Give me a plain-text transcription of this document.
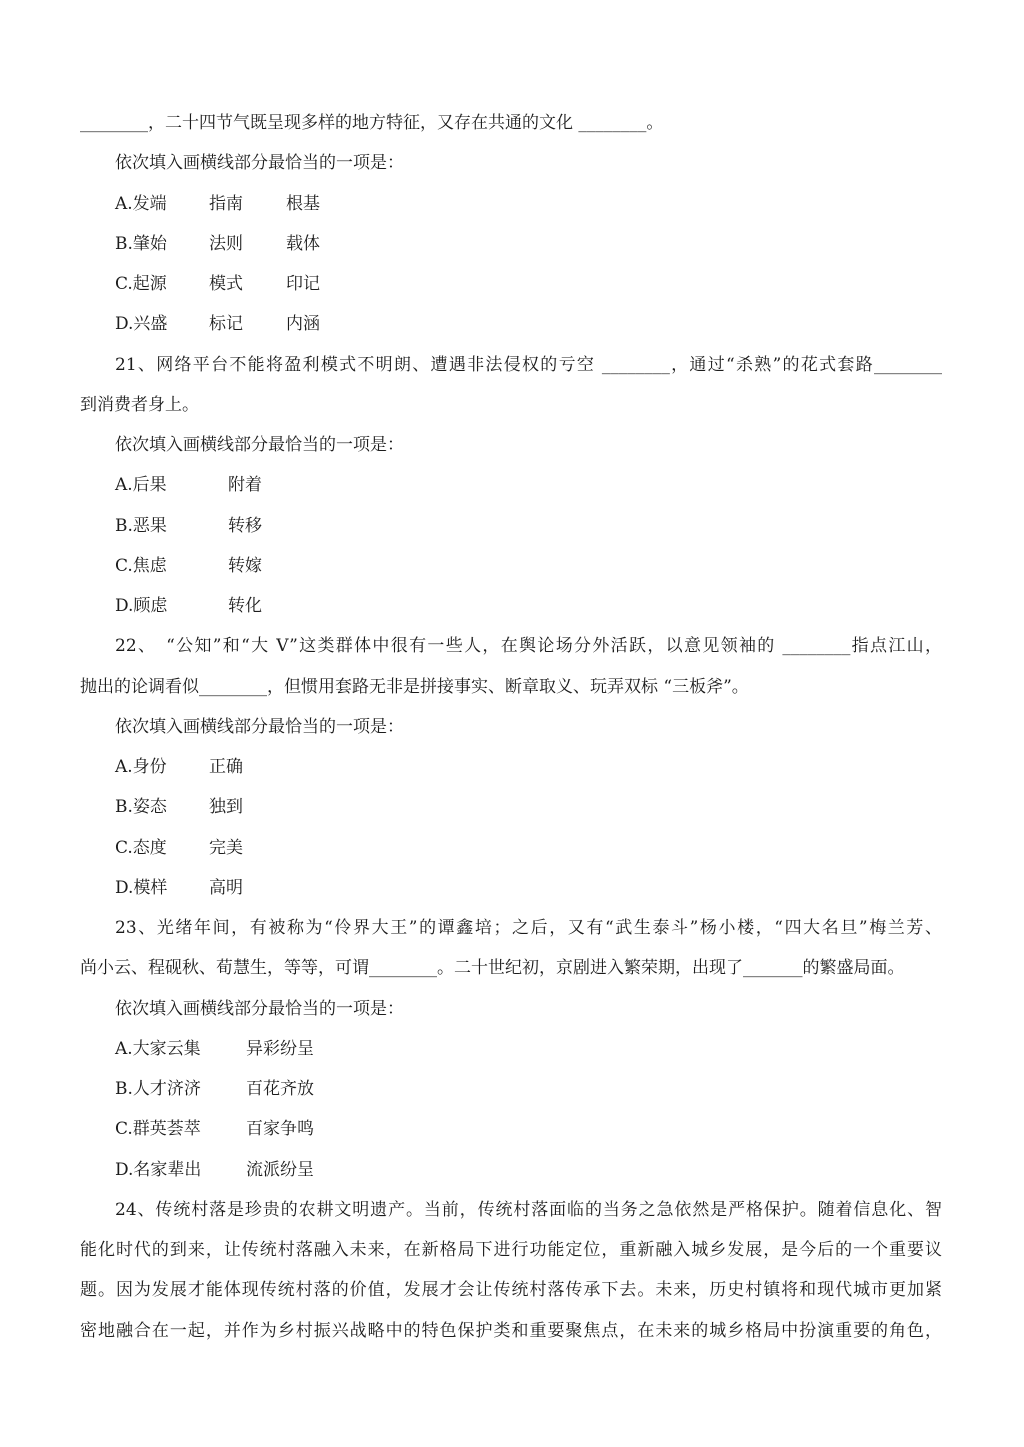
________，二十四节气既呈现多样的地方特征，又存在共通的文化 ________。

依次填入画横线部分最恰当的一项是：

A.发端	指南	根基
B.肇始	法则	载体
C.起源	模式	印记
D.兴盛	标记	内涵

21、网络平台不能将盈利模式不明朗、遭遇非法侵权的亏空 ________，通过“杀熟”的花式套路________

到消费者身上。

依次填入画横线部分最恰当的一项是：

A.后果	附着
B.恶果	转移
C.焦虑	转嫁
D.顾虑	转化

22、　“公知”和“大 V”这类群体中很有一些人，在舆论场分外活跃，以意见领袖的 ________指点江山，

抛出的论调看似________，但惯用套路无非是拼接事实、断章取义、玩弄双标 “三板斧”。

依次填入画横线部分最恰当的一项是：

A.身份	正确
B.姿态	独到
C.态度	完美
D.模样	高明

23、光绪年间，有被称为“伶界大王”的谭鑫培；之后，又有“武生泰斗”杨小楼，“四大名旦”梅兰芳、

尚小云、程砚秋、荀慧生，等等，可谓________。二十世纪初，京剧进入繁荣期，出现了_______的繁盛局面。

依次填入画横线部分最恰当的一项是：

A.大家云集	异彩纷呈
B.人才济济	百花齐放
C.群英荟萃	百家争鸣
D.名家辈出	流派纷呈

24、传统村落是珍贵的农耕文明遗产。当前，传统村落面临的当务之急依然是严格保护。随着信息化、智

能化时代的到来，让传统村落融入未来，在新格局下进行功能定位，重新融入城乡发展，是今后的一个重要议

题。因为发展才能体现传统村落的价值，发展才会让传统村落传承下去。未来，历史村镇将和现代城市更加紧

密地融合在一起，并作为乡村振兴战略中的特色保护类和重要聚焦点，在未来的城乡格局中扮演重要的角色，
